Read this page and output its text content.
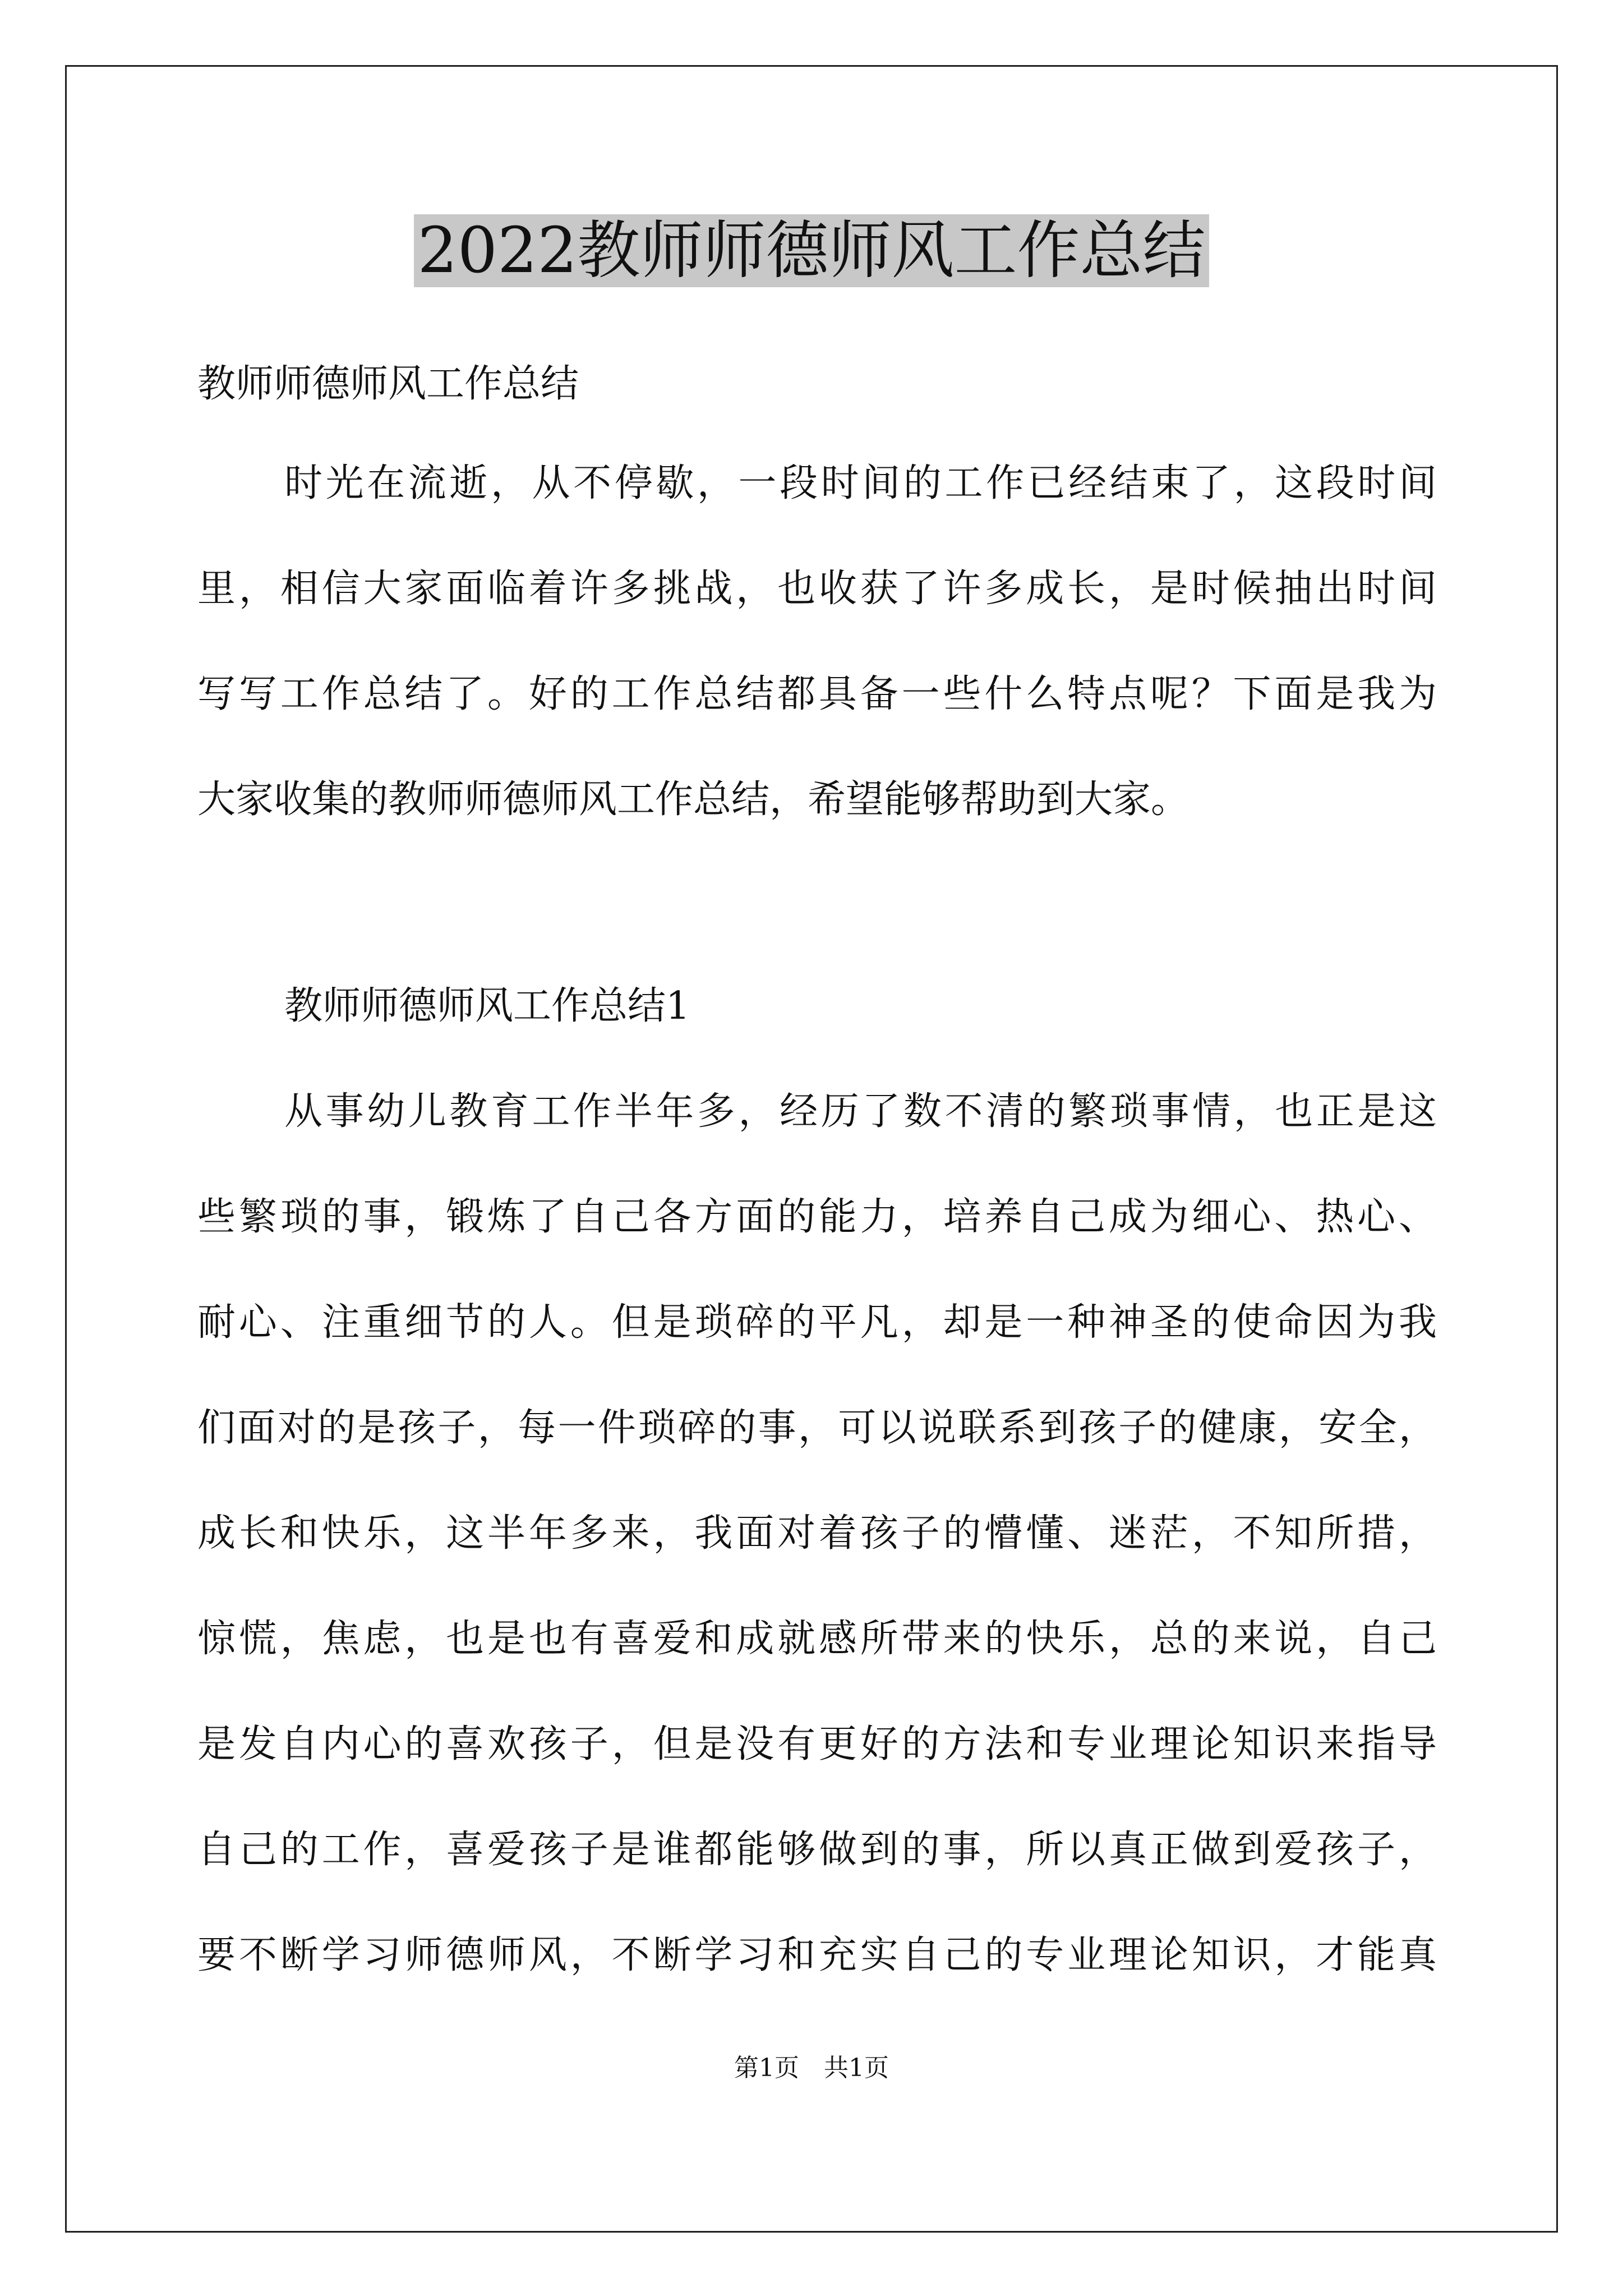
2022教师师德师风工作总结
教师师德师风工作总结
时光在流逝，从不停歇，一段时间的工作已经结束了，这段时间
里，相信大家面临着许多挑战，也收获了许多成长，是时候抽出时间
写写工作总结了。好的工作总结都具备一些什么特点呢？下面是我为
大家收集的教师师德师风工作总结，希望能够帮助到大家。
教师师德师风工作总结1
从事幼儿教育工作半年多，经历了数不清的繁琐事情，也正是这
些繁琐的事，锻炼了自己各方面的能力，培养自己成为细心、热心、
耐心、注重细节的人。但是琐碎的平凡，却是一种神圣的使命因为我
们面对的是孩子，每一件琐碎的事，可以说联系到孩子的健康，安全，
成长和快乐，这半年多来，我面对着孩子的懵懂、迷茫，不知所措，
惊慌，焦虑，也是也有喜爱和成就感所带来的快乐，总的来说，自己
是发自内心的喜欢孩子，但是没有更好的方法和专业理论知识来指导
自己的工作，喜爱孩子是谁都能够做到的事，所以真正做到爱孩子，
要不断学习师德师风，不断学习和充实自己的专业理论知识，才能真
第1页　共1页
